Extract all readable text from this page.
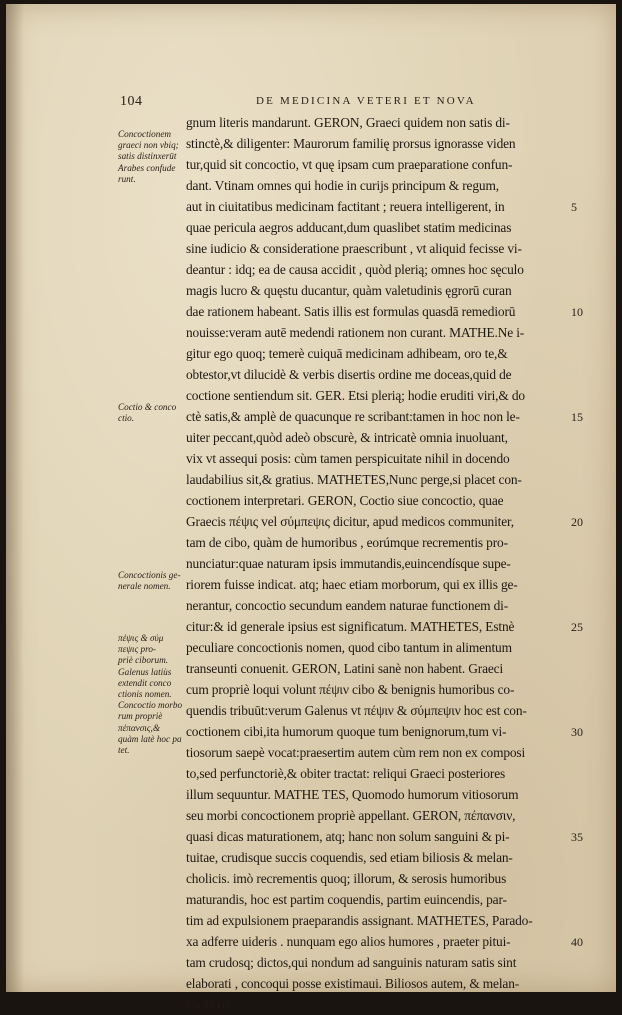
104	DE MEDICINA VETERI ET NOVA
gnum literis mandarunt. GERON, Graeci quidem non satis di-
stinctè,& diligenter: Maurorum familię prorsus ignorasse viden
tur,quid sit concoctio, vt quę ipsam cum praeparatione confun-
dant. Vtinam omnes qui hodie in curijs principum & regum,
aut in ciuitatibus medicinam factitant ; reuera intelligerent, in
quae pericula aegros adducant,dum quaslibet statim medicinas
sine iudicio & consideratione praescribunt , vt aliquid fecisse vi-
deantur : idq; ea de causa accidit , quòd plerią; omnes hoc sęculo
magis lucro & quęstu ducantur, quàm valetudinis ęgrorū curan
dae rationem habeant. Satis illis est formulas quasdā remediorū
nouisse:veram autē medendi rationem non curant. MATHE.Ne i-
gitur ego quoq; temerè cuiquā medicinam adhibeam, oro te,&
obtestor,vt dilucidè & verbis disertis ordine me doceas,quid de
coctione sentiendum sit. GER. Etsi plerią; hodie eruditi viri,& do
ctè satis,& amplè de quacunque re scribant:tamen in hoc non le-
uiter peccant,quòd adeò obscurè, & intricatè omnia inuoluant,
vix vt assequi posis: cùm tamen perspicuitate nihil in docendo
laudabilius sit,& gratius. MATHETES,Nunc perge,si placet con-
coctionem interpretari. GERON, Coctio siue concoctio, quae
Graecis πέψις vel σύμπεψις dicitur, apud medicos communiter,
tam de cibo, quàm de humoribus , eorúmque recrementis pro-
nunciatur:quae naturam ipsis immutandis,euincendísque supe-
riorem fuisse indicat. atq; haec etiam morborum, qui ex illis ge-
nerantur, concoctio secundum eandem naturae functionem di-
citur:& id generale ipsius est significatum. MATHETES, Estnè
peculiare concoctionis nomen, quod cibo tantum in alimentum
transeunti conuenit. GERON, Latini sanè non habent. Graeci
cum propriè loqui volunt πέψιν cibo & benignis humoribus co-
quendis tribuūt:verum Galenus vt πέψιν & σύμπεψιν hoc est con-
coctionem cibi,ita humorum quoque tum benignorum,tum vi-
tiosorum saepè vocat:praesertim autem cùm rem non ex composi
to,sed perfunctoriè,& obiter tractat: reliqui Graeci posteriores
illum sequuntur. MATHE TES, Quomodo humorum vitiosorum
seu morbi concoctionem propriè appellant. GERON, πέπανσιν,
quasi dicas maturationem, atq; hanc non solum sanguini & pi-
tuitae, crudisque succis coquendis, sed etiam biliosis & melan-
cholicis. imò recrementis quoq; illorum, & serosis humoribus
maturandis, hoc est partim coquendis, partim euincendis, par-
tim ad expulsionem praeparandis assignant. MATHETES, Parado-
xa adferre uideris . nunquam ego alios humores , praeter pitui-
tam crudosq; dictos,qui nondum ad sanguinis naturam satis sint
elaborati , concoqui posse existimaui. Biliosos autem, & melan-
cholicos
5
10
15
20
25
30
35
40
Concoctionem
graeci non vbiq;
satis distinxerūt
Arabes confude
runt.
Coctio & conco
ctio.
Concoctionis ge-
nerale nomen.
πέψις & σύμ
πεψις pro-
priè ciborum.
Galenus latiùs
extendit conco
ctionis nomen.
Concoctio morbo
rum propriè
πέπανσις,&
quàm latè hoc pa
tet.
